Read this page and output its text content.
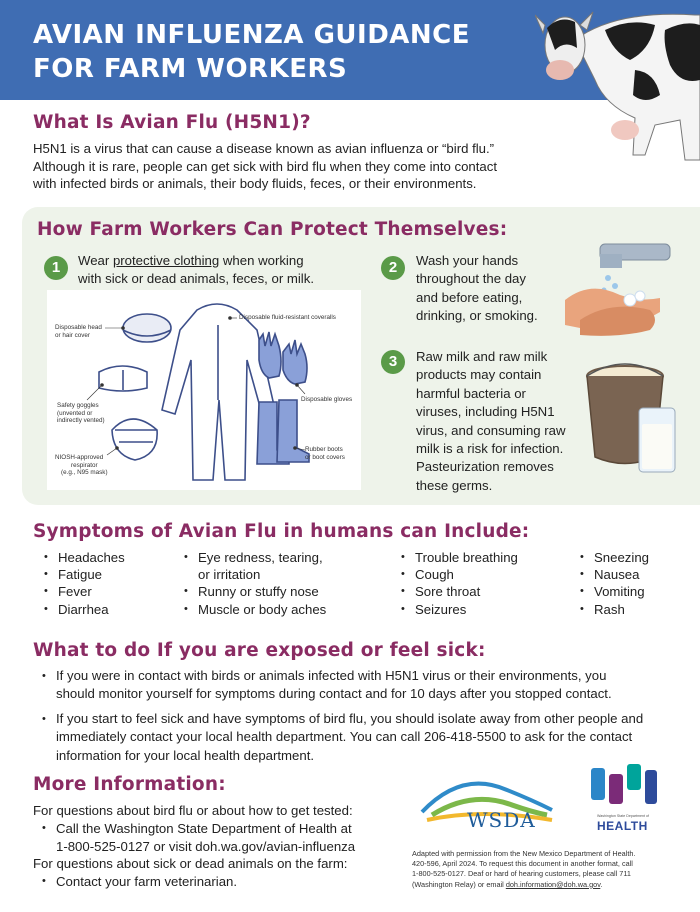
AVIAN INFLUENZA GUIDANCE
FOR FARM WORKERS
What Is Avian Flu (H5N1)?
H5N1 is a virus that can cause a disease known as avian influenza or “bird flu.”
Although it is rare, people can get sick with bird flu when they come into contact
with infected birds or animals, their body fluids, feces, or their environments.
How Farm Workers Can Protect Themselves:
1	Wear protective clothing when working
with sick or dead animals, feces, or milk.
Disposable head
or hair cover
Disposable fluid-resistant coveralls
Safety goggles
(unvented or
indirectly vented)
Disposable gloves
NIOSH-approved
respirator
(e.g., N95 mask)
Rubber boots
or boot covers
2	Wash your hands
throughout the day
and before eating,
drinking, or smoking.
3	Raw milk and raw milk
products may contain
harmful bacteria or
viruses, including H5N1
virus, and consuming raw
milk is a risk for infection.
Pasteurization removes
these germs.
Symptoms of Avian Flu in humans can Include:
• Headaches
• Fatigue
• Fever
• Diarrhea
• Eye redness, tearing,
or irritation
• Runny or stuffy nose
• Muscle or body aches
• Trouble breathing
• Cough
• Sore throat
• Seizures
• Sneezing
• Nausea
• Vomiting
• Rash
What to do If you are exposed or feel sick:
• If you were in contact with birds or animals infected with H5N1 virus or their environments, you
should monitor yourself for symptoms during contact and for 10 days after you stopped contact.
• If you start to feel sick and have symptoms of bird flu, you should isolate away from other people and
immediately contact your local health department. You can call 206-418-5500 to ask for the contact
information for your local health department.
More Information:
For questions about bird flu or about how to get tested:
• Call the Washington State Department of Health at
1-800-525-0127 or visit doh.wa.gov/avian-influenza
For questions about sick or dead animals on the farm:
• Contact your farm veterinarian.
WSDA	Washington State Department of
HEALTH
Adapted with permission from the New Mexico Department of Health.
420-596, April 2024. To request this document in another format, call
1-800-525-0127. Deaf or hard of hearing customers, please call 711
(Washington Relay) or email doh.information@doh.wa.gov.
